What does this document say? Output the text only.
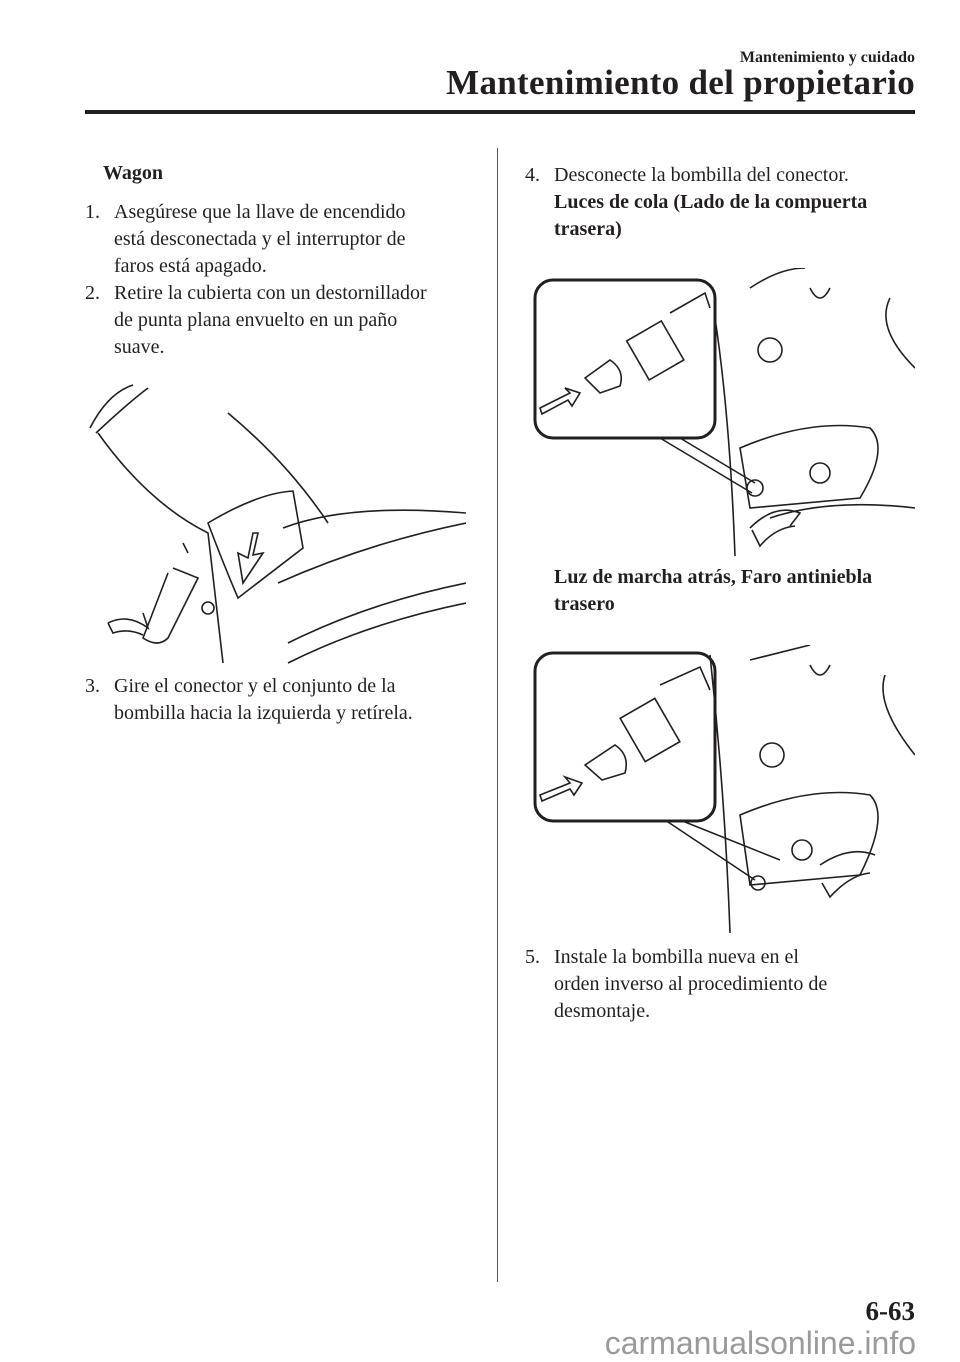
Mantenimiento y cuidado
Mantenimiento del propietario
Wagon
1. Asegúrese que la llave de encendido
está desconectada y el interruptor de
faros está apagado.
2. Retire la cubierta con un destornillador
de punta plana envuelto en un paño
suave.
3. Gire el conector y el conjunto de la
bombilla hacia la izquierda y retírela.
4. Desconecte la bombilla del conector.
Luces de cola (Lado de la compuerta
trasera)
Luz de marcha atrás, Faro antiniebla
trasero
5. Instale la bombilla nueva en el
orden inverso al procedimiento de
desmontaje.
6-63
carmanualsonline.info
